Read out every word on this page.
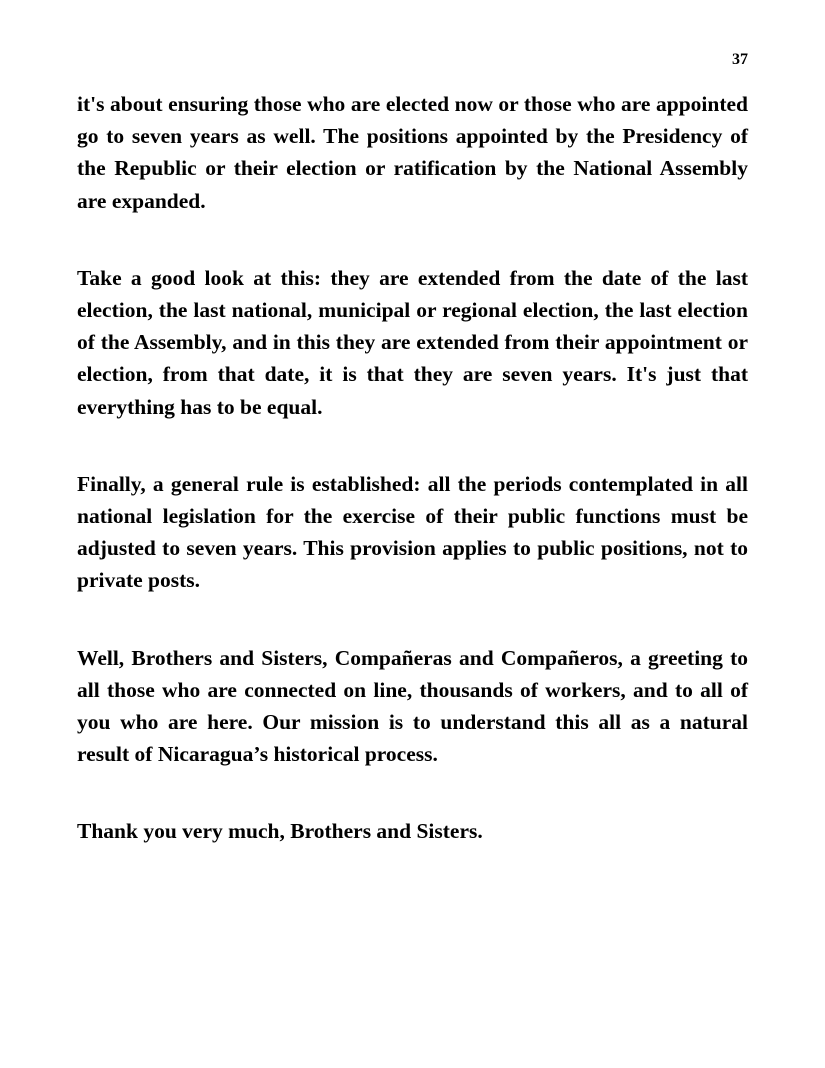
37

it's about ensuring those who are elected now or those who are appointed go to seven years as well. The positions appointed by the Presidency of the Republic or their election or ratification by the National Assembly are expanded.

Take a good look at this: they are extended from the date of the last election, the last national, municipal or regional election, the last election of the Assembly, and in this they are extended from their appointment or election, from that date, it is that they are seven years. It's just that everything has to be equal.

Finally, a general rule is established: all the periods contemplated in all national legislation for the exercise of their public functions must be adjusted to seven years. This provision applies to public positions, not to private posts.

Well, Brothers and Sisters, Compañeras and Compañeros, a greeting to all those who are connected on line, thousands of workers, and to all of you who are here. Our mission is to understand this all as a natural result of Nicaragua’s historical process.

Thank you very much, Brothers and Sisters.
